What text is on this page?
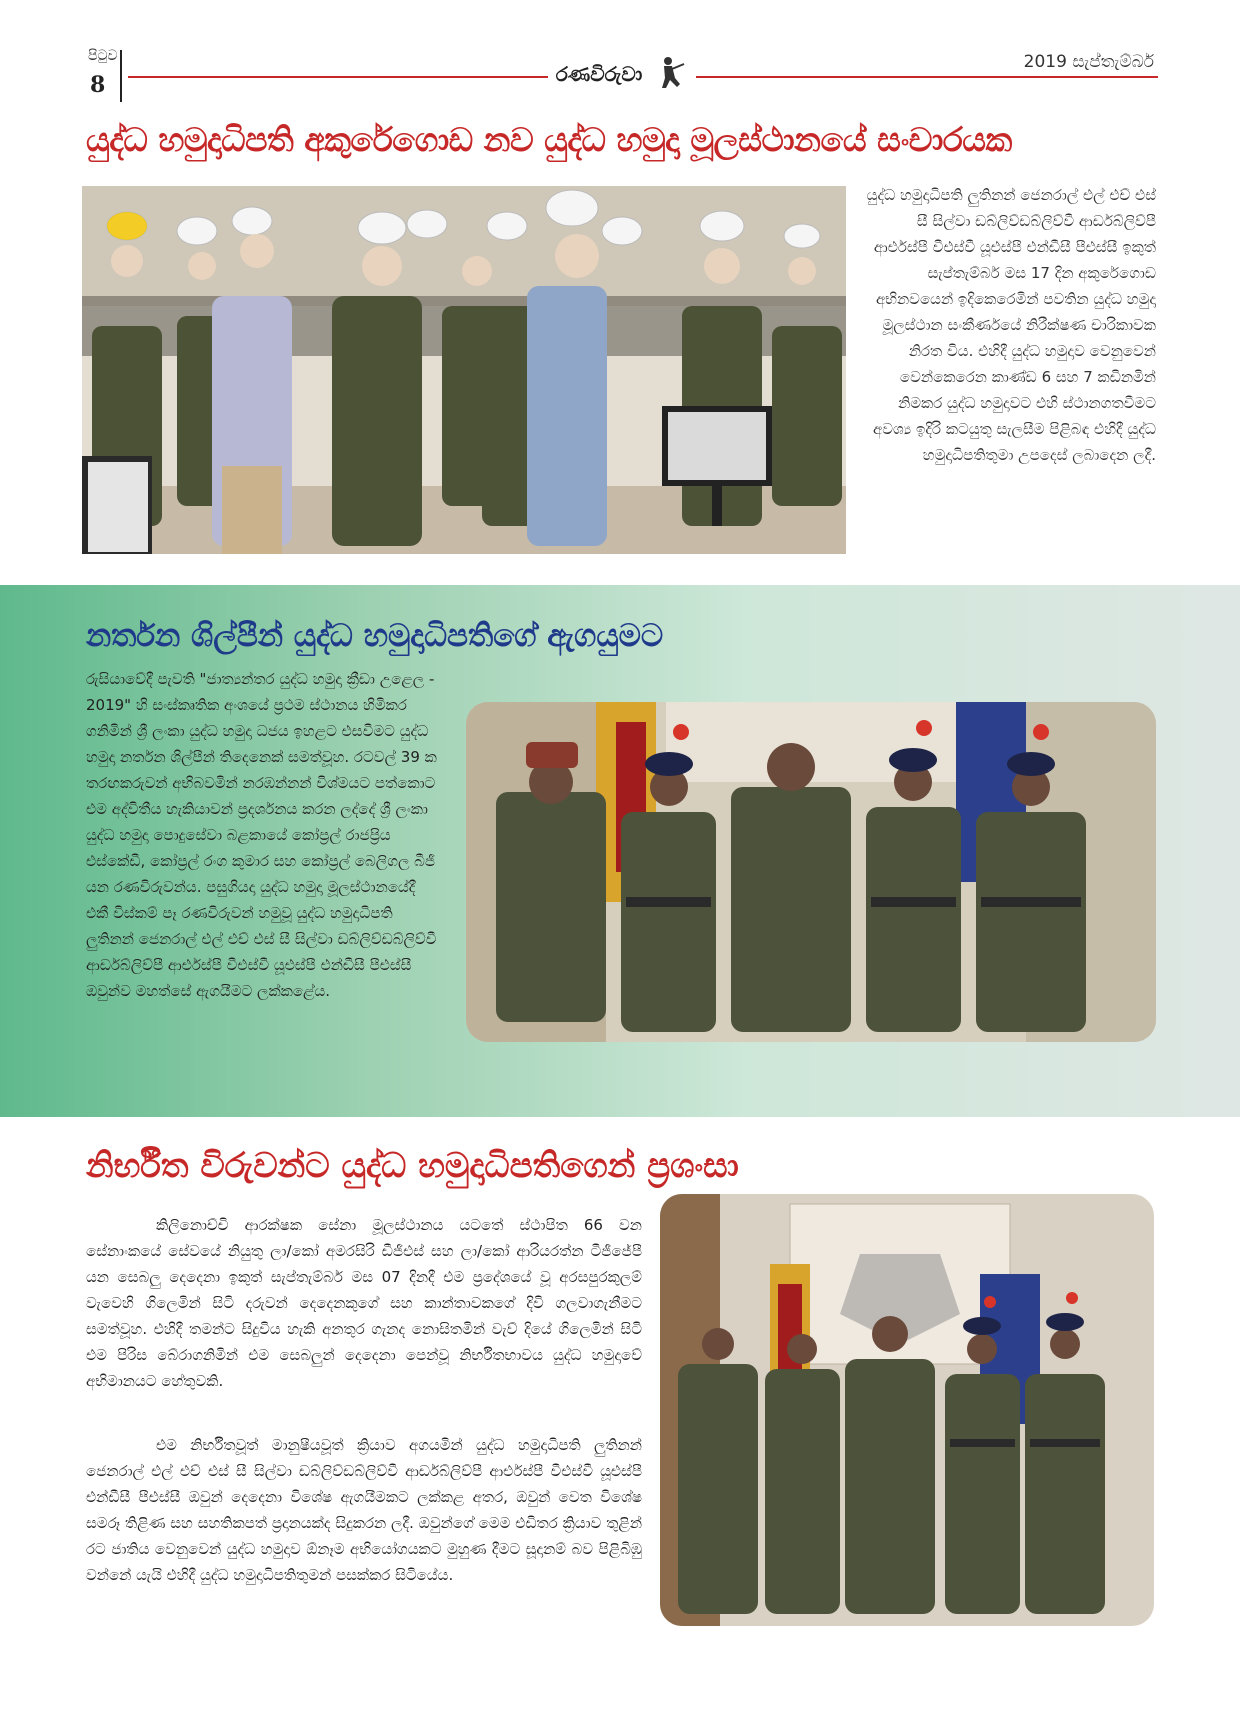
පිටුව
8	රණවිරුවා	2019 සැප්තැම්බර්
යුද්ධ හමුදාධිපති අකුරේගොඩ නව යුද්ධ හමුදා මූලස්ථානයේ සංචාරයක
යුද්ධ හමුදාධිපති ලුතිනන් ජෙනරාල් එල් එච් එස් සී සිල්වා ඩබ්ලිව්ඩබ්ලිව්වී ආර්ඩබ්ලිව්පී ආර්එස්පී වීඑස්වී යූඑස්පී එන්ඩීසී පීඑස්සී ඉකුත් සැප්තැම්බර් මස 17 දින අකුරේගොඩ අභිනවයෙන් ඉදිකෙරෙමින් පවතින යුද්ධ හමුදා මූලස්ථාන සංකීර්ණයේ නිරීක්ෂණ චාරිකාවක නිරත විය. එහිදී යුද්ධ හමුදාව වෙනුවෙන් වෙන්කෙරෙන කාණ්ඩ 6 සහ 7 කඩිනමින් නිමකර යුද්ධ හමුදාවට එහි ස්ථානගතවීමට අවශ්‍ය ඉදිරි කටයුතු සැලසීම පිළිබඳ එහිදී යුද්ධ හමුදාධිපතිතුමා උපදෙස් ලබාදෙන ලදී.
නර්තන ශිල්පීන් යුද්ධ හමුදාධිපතිගේ ඇගයුමට
රුසියාවේදී පැවති "ජාත්‍යන්තර යුද්ධ හමුදා ක්‍රීඩා උළෙල - 2019" හි සංස්කෘතික අංශයේ ප්‍රථම ස්ථානය හිමිකර ගනිමින් ශ්‍රී ලංකා යුද්ධ හමුදා ධජය ඉහළට එසවීමට යුද්ධ හමුදා නර්තන ශිල්පීන් තිදෙනෙක් සමත්වූහ. රටවල් 39 ක තරඟකරුවන් අභිබවමින් නරඹන්නන් විශ්මයට පත්කොට එම අද්විතීය හැකියාවන් ප්‍රදර්ශනය කරන ලද්දේ ශ්‍රී ලංකා යුද්ධ හමුදා පොදුසේවා බළකායේ කෝප්‍රල් රාජප්‍රිය එස්කේඩී, කෝප්‍රල් රංග කුමාර සහ කෝප්‍රල් බෙලිගල බීජී යන රණවිරුවන්ය. පසුගියදා යුද්ධ හමුදා මූලස්ථානයේදී එකී විස්කම් පෑ රණවිරුවන් හමුවූ යුද්ධ හමුදාධිපති ලුතිනන් ජෙනරාල් එල් එච් එස් සී සිල්වා ඩබ්ලිව්ඩබ්ලිව්වී ආර්ඩබ්ලිව්පී ආර්එස්පී වීඑස්වී යූඑස්පී එන්ඩීසී පීඑස්සී ඔවුන්ව මහත්සේ ඇගයීමට ලක්කළේය.
නිර්භීත විරුවන්ට යුද්ධ හමුදාධිපතිගෙන් ප්‍රශංසා
කිලිනොච්චි ආරක්ෂක සේනා මූලස්ථානය යටතේ ස්ථාපිත 66 වන සේනාංකයේ සේවයේ නියුතු ලා/කෝ අමරසිරි ඩීජීඑස් සහ ලා/කෝ ආරියරත්න ටීජීජේපී යන සෙබලු දෙදෙනා ඉකුත් සැප්තැම්බර් මස 07 දිනදී එම ප්‍රදේශයේ වූ අරසපුරකුලම් වැවෙහි ගිලෙමින් සිටි දරුවන් දෙදෙනකුගේ සහ කාන්තාවකගේ දිවි ගලවාගැනීමට සමත්වූහ. එහිදී තමන්ට සිදුවිය හැකි අනතුර ගැනද නොසිතමින් වැව් දියේ ගිලෙමින් සිටි එම පිරිස බේරාගනිමින් එම සෙබලුන් දෙදෙනා පෙන්වූ නිර්භීතභාවය යුද්ධ හමුදාවේ අභිමානයට හේතුවකි.
එම නිර්භීතවූත් මානුෂීයවූත් ක්‍රියාව අගයමින් යුද්ධ හමුදාධිපති ලුතිනන් ජෙනරාල් එල් එච් එස් සී සිල්වා ඩබ්ලිව්ඩබ්ලිව්වී ආර්ඩබ්ලිව්පී ආර්එස්පී වීඑස්වී යූඑස්පී එන්ඩීසී පීඑස්සී ඔවුන් දෙදෙනා විශේෂ ඇගයීමකට ලක්කළ අතර, ඔවුන් වෙත විශේෂ සමරූ තිළිණ සහ සහතිකපත් ප්‍රදානයක්ද සිදුකරන ලදී. ඔවුන්ගේ මෙම එඩිතර ක්‍රියාව තුළින් රට ජාතිය වෙනුවෙන් යුද්ධ හමුදාව ඕනෑම අභියෝගයකට මුහුණ දීමට සූදානම් බව පිළිබිඹු වන්නේ යැයි එහිදී යුද්ධ හමුදාධිපතිතුමන් පසක්කර සිටියේය.
